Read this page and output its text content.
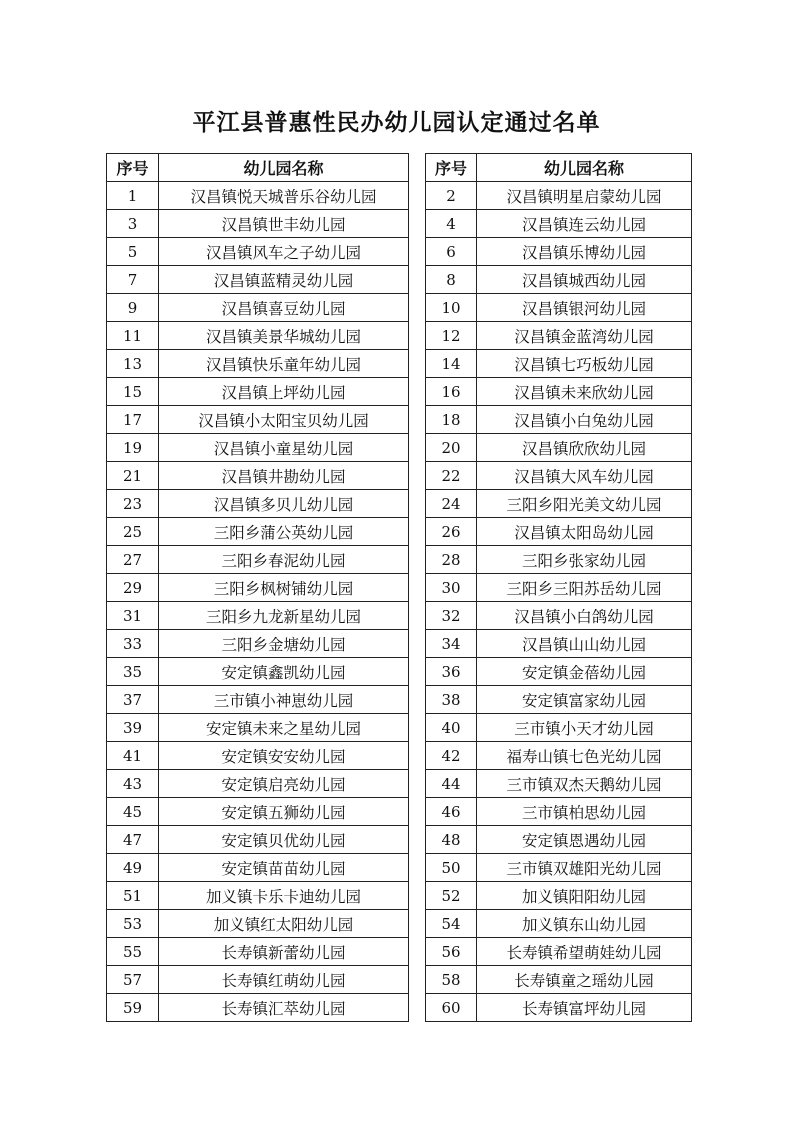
平江县普惠性民办幼儿园认定通过名单
序号	幼儿园名称
1	汉昌镇悦天城普乐谷幼儿园
3	汉昌镇世丰幼儿园
5	汉昌镇风车之子幼儿园
7	汉昌镇蓝精灵幼儿园
9	汉昌镇喜豆幼儿园
11	汉昌镇美景华城幼儿园
13	汉昌镇快乐童年幼儿园
15	汉昌镇上坪幼儿园
17	汉昌镇小太阳宝贝幼儿园
19	汉昌镇小童星幼儿园
21	汉昌镇井勘幼儿园
23	汉昌镇多贝儿幼儿园
25	三阳乡蒲公英幼儿园
27	三阳乡春泥幼儿园
29	三阳乡枫树铺幼儿园
31	三阳乡九龙新星幼儿园
33	三阳乡金塘幼儿园
35	安定镇鑫凯幼儿园
37	三市镇小神崽幼儿园
39	安定镇未来之星幼儿园
41	安定镇安安幼儿园
43	安定镇启亮幼儿园
45	安定镇五狮幼儿园
47	安定镇贝优幼儿园
49	安定镇苗苗幼儿园
51	加义镇卡乐卡迪幼儿园
53	加义镇红太阳幼儿园
55	长寿镇新蕾幼儿园
57	长寿镇红萌幼儿园
59	长寿镇汇萃幼儿园
序号	幼儿园名称
2	汉昌镇明星启蒙幼儿园
4	汉昌镇连云幼儿园
6	汉昌镇乐博幼儿园
8	汉昌镇城西幼儿园
10	汉昌镇银河幼儿园
12	汉昌镇金蓝湾幼儿园
14	汉昌镇七巧板幼儿园
16	汉昌镇未来欣幼儿园
18	汉昌镇小白兔幼儿园
20	汉昌镇欣欣幼儿园
22	汉昌镇大风车幼儿园
24	三阳乡阳光美文幼儿园
26	汉昌镇太阳岛幼儿园
28	三阳乡张家幼儿园
30	三阳乡三阳苏岳幼儿园
32	汉昌镇小白鸽幼儿园
34	汉昌镇山山幼儿园
36	安定镇金蓓幼儿园
38	安定镇富家幼儿园
40	三市镇小天才幼儿园
42	福寿山镇七色光幼儿园
44	三市镇双杰天鹅幼儿园
46	三市镇柏思幼儿园
48	安定镇恩遇幼儿园
50	三市镇双雄阳光幼儿园
52	加义镇阳阳幼儿园
54	加义镇东山幼儿园
56	长寿镇希望萌娃幼儿园
58	长寿镇童之瑶幼儿园
60	长寿镇富坪幼儿园
